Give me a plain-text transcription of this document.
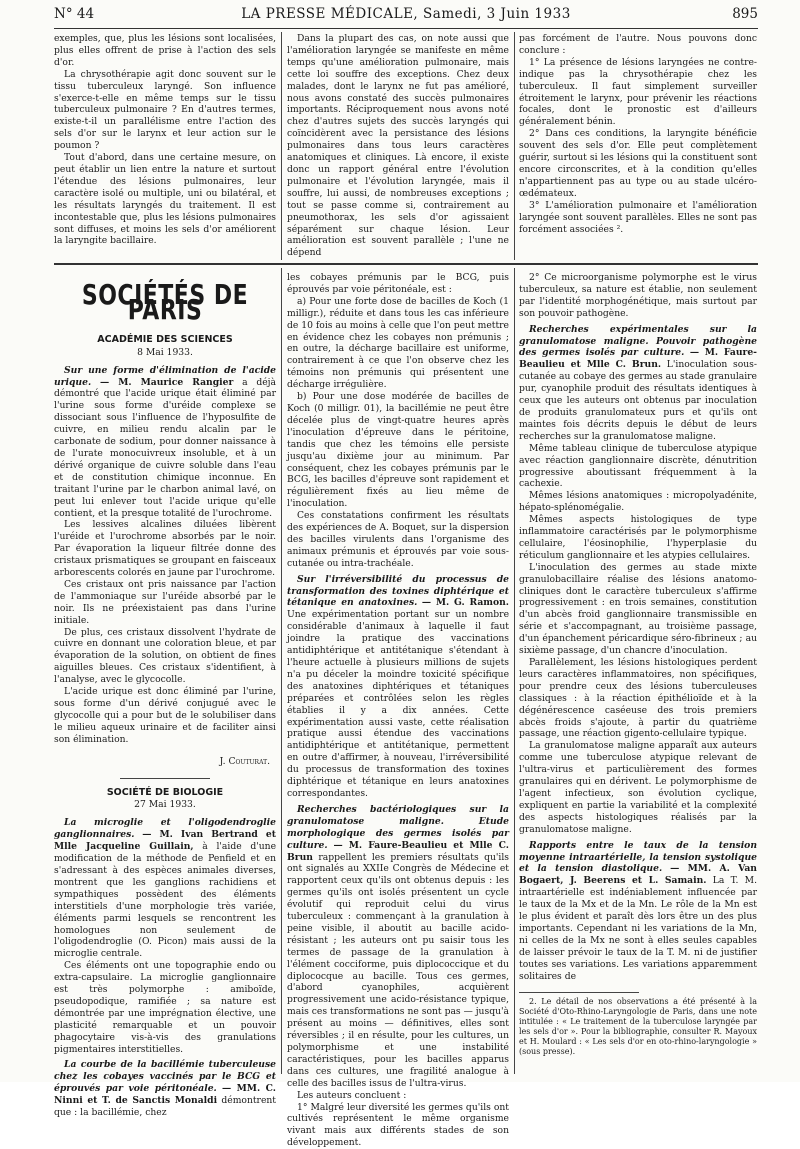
N° 44	LA PRESSE MÉDICALE, Samedi, 3 Juin 1933	895

exemples, que, plus les lésions sont localisées, plus elles offrent de prise à l'action des sels d'or.

La chrysothérapie agit donc souvent sur le tissu tuberculeux laryngé. Son influence s'exerce-t-elle en même temps sur le tissu tuberculeux pulmonaire ? En d'autres termes, existe-t-il un parallélisme entre l'action des sels d'or sur le larynx et leur action sur le poumon ?

Tout d'abord, dans une certaine mesure, on peut établir un lien entre la nature et surtout l'étendue des lésions pulmonaires, leur caractère isolé ou multiple, uni ou bilatéral, et les résultats laryngés du traitement. Il est incontestable que, plus les lésions pulmonaires sont diffuses, et moins les sels d'or améliorent la laryngite bacillaire.

Dans la plupart des cas, on note aussi que l'amélioration laryngée se manifeste en même temps qu'une amélioration pulmonaire, mais cette loi souffre des exceptions. Chez deux malades, dont le larynx ne fut pas amélioré, nous avons constaté des succès pulmonaires importants. Réciproquement nous avons noté chez d'autres sujets des succès laryngés qui coïncidèrent avec la persistance des lésions pulmonaires dans tous leurs caractères anatomiques et cliniques. Là encore, il existe donc un rapport général entre l'évolution pulmonaire et l'évolution laryngée, mais il souffre, lui aussi, de nombreuses exceptions ; tout se passe comme si, contrairement au pneumothorax, les sels d'or agissaient séparément sur chaque lésion. Leur amélioration est souvent parallèle ; l'une ne dépend

pas forcément de l'autre. Nous pouvons donc conclure :

1° La présence de lésions laryngées ne contre-indique pas la chrysothérapie chez les tuberculeux. Il faut simplement surveiller étroitement le larynx, pour prévenir les réactions focales, dont le pronostic est d'ailleurs généralement bénin.

2° Dans ces conditions, la laryngite bénéficie souvent des sels d'or. Elle peut complètement guérir, surtout si les lésions qui la constituent sont encore circonscrites, et à la condition qu'elles n'appartiennent pas au type ou au stade ulcéro-œdémateux.

3° L'amélioration pulmonaire et l'amélioration laryngée sont souvent parallèles. Elles ne sont pas forcément associées ².

SOCIÉTÉS DE PARIS
ACADÉMIE DES SCIENCES
8 Mai 1933.

Sur une forme d'élimination de l'acide urique. — M. Maurice Rangier a déjà démontré que l'acide urique était éliminé par l'urine sous forme d'uréide complexe se dissociant sous l'influence de l'hyposulfite de cuivre, en milieu rendu alcalin par le carbonate de sodium, pour donner naissance à de l'urate monocuivreux insoluble, et à un dérivé organique de cuivre soluble dans l'eau et de constitution chimique inconnue. En traitant l'urine par le charbon animal lavé, on peut lui enlever tout l'acide urique qu'elle contient, et la presque totalité de l'urochrome.

Les lessives alcalines diluées libèrent l'uréide et l'urochrome absorbés par le noir. Par évaporation la liqueur filtrée donne des cristaux prismatiques se groupant en faisceaux arborescents colorés en jaune par l'urochrome.

Ces cristaux ont pris naissance par l'action de l'ammoniaque sur l'uréide absorbé par le noir. Ils ne préexistaient pas dans l'urine initiale.

De plus, ces cristaux dissolvent l'hydrate de cuivre en donnant une coloration bleue, et par évaporation de la solution, on obtient de fines aiguilles bleues. Ces cristaux s'identifient, à l'analyse, avec le glycocolle.

L'acide urique est donc éliminé par l'urine, sous forme d'un dérivé conjugué avec le glycocolle qui a pour but de le solubiliser dans le milieu aqueux urinaire et de faciliter ainsi son élimination.

J. Couturat.
SOCIÉTÉ DE BIOLOGIE
27 Mai 1933.

La microglie et l'oligodendroglie ganglionnaires. — M. Ivan Bertrand et Mlle Jacqueline Guillain, à l'aide d'une modification de la méthode de Penfield et en s'adressant à des espèces animales diverses, montrent que les ganglions rachidiens et sympathiques possèdent des éléments interstitiels d'une morphologie très variée, éléments parmi lesquels se rencontrent les homologues non seulement de l'oligodendroglie (O. Picon) mais aussi de la microglie centrale.

Ces éléments ont une topographie endo ou extra-capsulaire. La microglie ganglionnaire est très polymorphe : amiboïde, pseudopodique, ramifiée ; sa nature est démontrée par une imprégnation élective, une plasticité remarquable et un pouvoir phagocytaire vis-à-vis des granulations pigmentaires interstitielles.

La courbe de la bacillémie tuberculeuse chez les cobayes vaccinés par le BCG et éprouvés par voie péritonéale. — MM. C. Ninni et T. de Sanctis Monaldi démontrent que : la bacillémie, chez

les cobayes prémunis par le BCG, puis éprouvés par voie péritonéale, est :

a) Pour une forte dose de bacilles de Koch (1 milligr.), réduite et dans tous les cas inférieure de 10 fois au moins à celle que l'on peut mettre en évidence chez les cobayes non prémunis ; en outre, la décharge bacillaire est uniforme, contrairement à ce que l'on observe chez les témoins non prémunis qui présentent une décharge irrégulière.

b) Pour une dose modérée de bacilles de Koch (0 milligr. 01), la bacillémie ne peut être décelée plus de vingt-quatre heures après l'inoculation d'épreuve dans le péritoine, tandis que chez les témoins elle persiste jusqu'au dixième jour au minimum. Par conséquent, chez les cobayes prémunis par le BCG, les bacilles d'épreuve sont rapidement et régulièrement fixés au lieu même de l'inoculation.

Ces constatations confirment les résultats des expériences de A. Boquet, sur la dispersion des bacilles virulents dans l'organisme des animaux prémunis et éprouvés par voie sous-cutanée ou intra-trachéale.

Sur l'irréversibilité du processus de transformation des toxines diphtérique et tétanique en anatoxines. — M. G. Ramon. Une expérimentation portant sur un nombre considérable d'animaux à laquelle il faut joindre la pratique des vaccinations antidiphtérique et antitétanique s'étendant à l'heure actuelle à plusieurs millions de sujets n'a pu déceler la moindre toxicité spécifique des anatoxines diphtériques et tétaniques préparées et contrôlées selon les règles établies il y a dix années. Cette expérimentation aussi vaste, cette réalisation pratique aussi étendue des vaccinations antidiphtérique et antitétanique, permettent en outre d'affirmer, à nouveau, l'irréversibilité du processus de transformation des toxines diphtérique et tétanique en leurs anatoxines correspondantes.

Recherches bactériologiques sur la granulomatose maligne. Etude morphologique des germes isolés par culture. — M. Faure-Beaulieu et Mlle C. Brun rappellent les premiers résultats qu'ils ont signalés au XXIIe Congrès de Médecine et rapportent ceux qu'ils ont obtenus depuis : les germes qu'ils ont isolés présentent un cycle évolutif qui reproduit celui du virus tuberculeux : commençant à la granulation à peine visible, il aboutit au bacille acido-résistant ; les auteurs ont pu saisir tous les termes de passage de la granulation à l'élément cocciforme, puis diplococcique et du diplococque au bacille. Tous ces germes, d'abord cyanophiles, acquièrent progressivement une acido-résistance typique, mais ces transformations ne sont pas — jusqu'à présent au moins — définitives, elles sont réversibles ; il en résulte, pour les cultures, un polymorphisme et une instabilité caractéristiques, pour les bacilles apparus dans ces cultures, une fragilité analogue à celle des bacilles issus de l'ultra-virus.

Les auteurs concluent :

1° Malgré leur diversité les germes qu'ils ont cultivés représentent le même organisme vivant mais aux différents stades de son développement.

2° Ce microorganisme polymorphe est le virus tuberculeux, sa nature est établie, non seulement par l'identité morphogénétique, mais surtout par son pouvoir pathogène.

Recherches expérimentales sur la granulomatose maligne. Pouvoir pathogène des germes isolés par culture. — M. Faure-Beaulieu et Mlle C. Brun. L'inoculation sous-cutanée au cobaye des germes au stade granulaire pur, cyanophile produit des résultats identiques à ceux que les auteurs ont obtenus par inoculation de produits granulomateux purs et qu'ils ont maintes fois décrits depuis le début de leurs recherches sur la granulomatose maligne.

Même tableau clinique de tuberculose atypique avec réaction ganglionnaire discrète, dénutrition progressive aboutissant fréquemment à la cachexie.

Mêmes lésions anatomiques : micropolyadénite, hépato-splénomégalie.

Mêmes aspects histologiques de type inflammatoire caractérisés par le polymorphisme cellulaire, l'éosinophilie, l'hyperplasie du réticulum ganglionnaire et les atypies cellulaires.

L'inoculation des germes au stade mixte granulobacillaire réalise des lésions anatomo-cliniques dont le caractère tuberculeux s'affirme progressivement : en trois semaines, constitution d'un abcès froid ganglionnaire transmissible en série et s'accompagnant, au troisième passage, d'un épanchement péricardique séro-fibrineux ; au sixième passage, d'un chancre d'inoculation.

Parallèlement, les lésions histologiques perdent leurs caractères inflammatoires, non spécifiques, pour prendre ceux des lésions tuberculeuses classiques : à la réaction épithélioïde et à la dégénérescence caséeuse des trois premiers abcès froids s'ajoute, à partir du quatrième passage, une réaction gigento-cellulaire typique.

La granulomatose maligne apparaît aux auteurs comme une tuberculose atypique relevant de l'ultra-virus et particulièrement des formes granulaires qui en dérivent. Le polymorphisme de l'agent infectieux, son évolution cyclique, expliquent en partie la variabilité et la complexité des aspects histologiques réalisés par la granulomatose maligne.

Rapports entre le taux de la tension moyenne intraartérielle, la tension systolique et la tension diastolique. — MM. A. Van Bogaert, J. Beerens et L. Samain. La T. M. intraartérielle est indéniablement influencée par le taux de la Mx et de la Mn. Le rôle de la Mn est le plus évident et paraît dès lors être un des plus importants. Cependant ni les variations de la Mn, ni celles de la Mx ne sont à elles seules capables de laisser prévoir le taux de la T. M. ni de justifier toutes ses variations. Les variations apparemment solitaires de

2. Le détail de nos observations a été présenté à la Société d'Oto-Rhino-Laryngologie de Paris, dans une note intitulée : « Le traitement de la tuberculose laryngée par les sels d'or ». Pour la bibliographie, consulter R. Mayoux et H. Moulard : « Les sels d'or en oto-rhino-laryngologie » (sous presse).
